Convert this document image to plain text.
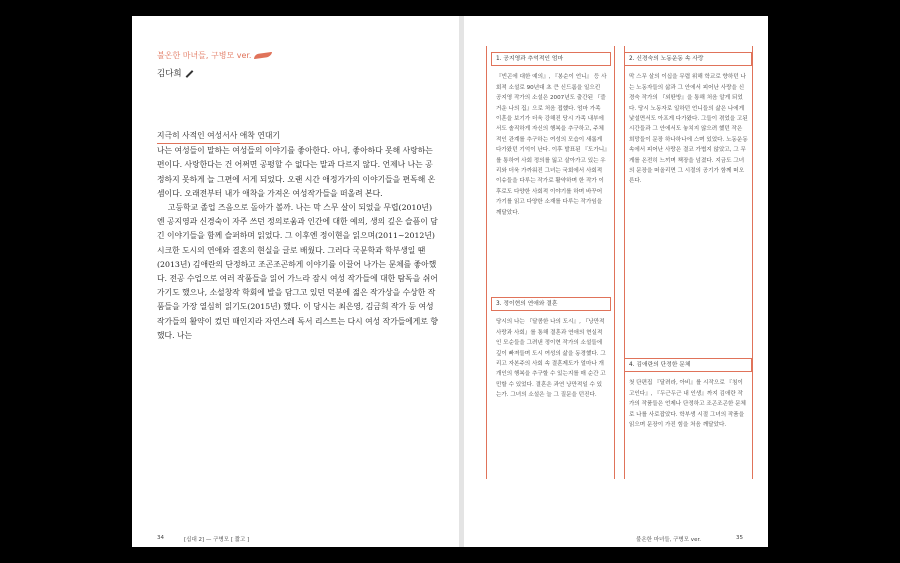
불온한 마녀들, 구병모 ver.
김다희

지극히 사적인 여성서사 애착 연대기

나는 여성들이 말하는 여성들의 이야기를 좋아한다. 아니, 좋아하다 못해 사랑하는 편이다. 사랑한다는 건 어쩌면 공평할 수 없다는 말과 다르지 않다. 언제나 나는 공정하지 못하게 늘 그편에 서게 되었다. 오랜 시간 애정가가의 이야기들을 편독해 온 셈이다. 오래전부터 내가 애착을 가져온 여성작가들을 떠올려 본다.

고등학교 졸업 즈음으로 돌아가 볼까. 나는 막 스무 살이 되었을 무렵(2010년)엔 공지영과 신경숙이 자주 쓰던 정의로움과 인간에 대한 예의, 생의 깊은 슬픔이 담긴 이야기들을 함께 슬퍼하며 읽었다. 그 이후엔 정이현을 읽으며(2011~2012년) 시크한 도시의 연애와 결혼의 현실을 글로 배웠다. 그러다 국문학과 학부생일 땐(2013년) 김애란의 단정하고 조곤조곤하게 이야기를 이끌어 나가는 문체를 좋아했다. 전공 수업으로 여러 작품들을 읽어 가느라 잠시 여성 작가들에 대한 탐독을 쉬어가기도 했으나, 소설창작 학회에 발을 담그고 있던 덕분에 젊은 작가상을 수상한 작품들을 가장 열심히 읽기도(2015년) 했다. 이 당시는 최은영, 김금희 작가 등 여성 작가들의 활약이 컸던 때인지라 자연스레 독서 리스트는 다시 여성 작가들에게로 향했다. 나는

34	[십대 2] — 구병모 [ 짧고 ]
1. 공지영과 추억적인 엄마
『빈곤에 대한 예의』, 『봉순이 언니』 등 사회적 소설로 90년대 초 큰 신드롬을 일으킨 공지영 작가의 소설은 2007년도 출간된 『즐거운 나의 집』으로 처음 접했다. 엄마 가족 이혼을 보기가 더욱 강해진 당시 가족 내부에서도 솔직하게 자신의 행복을 추구하고, 주체적인 관계를 추구하는 여성의 모습이 새롭게 다가왔던 기억이 난다. 이후 발표된 『도가니』를 통하여 사회 정의를 잃고 살아가고 있는 우리와 더욱 가까워진 그녀는 국회에서 사회적 이슈들을 다루는 작가로 활약하며 한 작가 이후로도 다양한 사회적 이야기를 하며 바꾸어 가기를 읽고 다양한 소재를 다루는 작가임을 깨달았다.
3. 정이현의 연애와 결혼
당시의 나는 『달콤한 나의 도시』, 『낭만적 사랑과 사회』를 통해 결혼과 연애의 현실적인 모순들을 그려낸 정이현 작가의 소설들에 깊이 빠져들며 도시 여성의 삶을 동경했다. 그리고 자본주의 사회 속 결혼제도가 얼마나 개개인의 행복을 추구할 수 있는지를 매 순간 고민할 수 있었다. 결혼은 과연 낭만적일 수 있는가. 그녀의 소설은 늘 그 질문을 던진다.
2. 신경숙의 노동운동 속 사랑
막 스무 살의 이십을 무렵 위해 학교로 향하던 나는 노동자들의 삶과 그 안에서 피어난 사랑을 신경숙 작가의 『외딴방』을 통해 처음 알게 되었다. 당시 노동자로 일하던 언니들의 삶은 나에게 낯설면서도 아프게 다가왔다. 그들이 겪었을 고된 시간들과 그 안에서도 놓치지 않으려 했던 작은 희망들이 문장 하나하나에 스며 있었다. 노동운동 속에서 피어난 사랑은 결코 가볍지 않았고, 그 무게를 온전히 느끼며 책장을 넘겼다. 지금도 그녀의 문장을 떠올리면 그 시절의 공기가 함께 떠오른다.
4. 김애란의 단정한 문체
첫 단편집 『달려라, 아비』를 시작으로 『침이 고인다』, 『두근두근 내 인생』까지 김애란 작가의 작품들은 언제나 단정하고 조곤조곤한 문체로 나를 사로잡았다. 학부생 시절 그녀의 작품을 읽으며 문장이 가진 힘을 처음 깨달았다.
불온한 마녀들, 구병모 ver.	35
